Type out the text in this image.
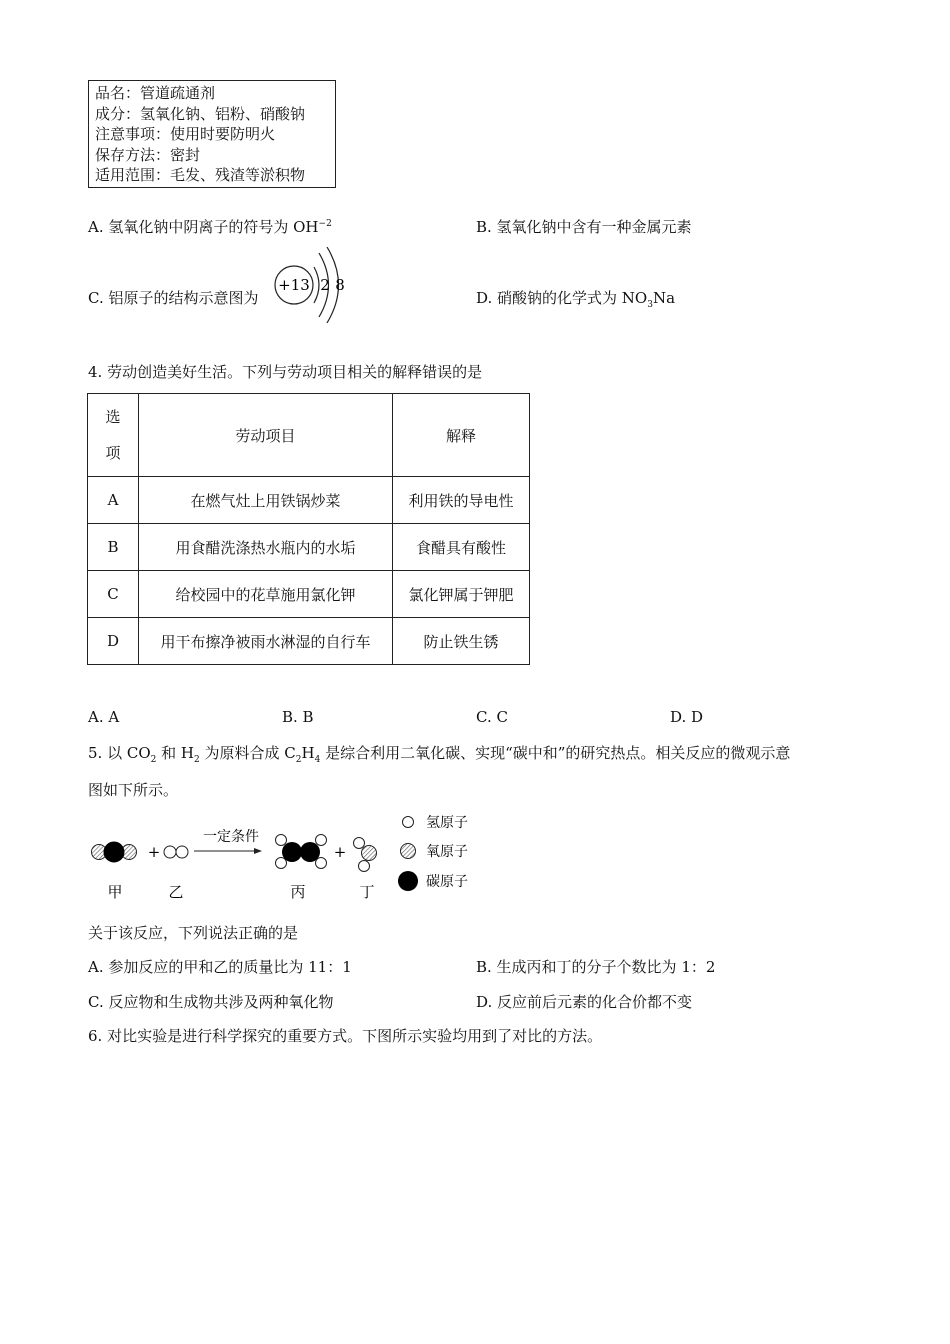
品名：管道疏通剂
成分：氢氧化钠、铝粉、硝酸钠
注意事项：使用时要防明火
保存方法：密封
适用范围：毛发、残渣等淤积物
A. 氢氧化钠中阴离子的符号为 $OH^{-2}$	B. 氢氧化钠中含有一种金属元素
C. 铝原子的结构示意图为
+13 2 8
D. 硝酸钠的化学式为 $NO_3Na$
4. 劳动创造美好生活。下列与劳动项目相关的解释错误的是
选
项	劳动项目	解释
A	在燃气灶上用铁锅炒菜	利用铁的导电性
B	用食醋洗涤热水瓶内的水垢	食醋具有酸性
C	给校园中的花草施用氯化钾	氯化钾属于钾肥
D	用干布擦净被雨水淋湿的自行车	防止铁生锈
A. A	B. B	C. C	D. D
5. 以 $CO_2$ 和 $H_2$ 为原料合成 $C_2H_4$ 是综合利用二氧化碳、实现“碳中和”的研究热点。相关反应的微观示意
图如下所示。
+
一定条件
+
甲	乙	丙	丁
氢原子
氧原子
碳原子
关于该反应，下列说法正确的是
A. 参加反应的甲和乙的质量比为 11：1	B. 生成丙和丁的分子个数比为 1：2
C. 反应物和生成物共涉及两种氧化物	D. 反应前后元素的化合价都不变
6. 对比实验是进行科学探究的重要方式。下图所示实验均用到了对比的方法。
